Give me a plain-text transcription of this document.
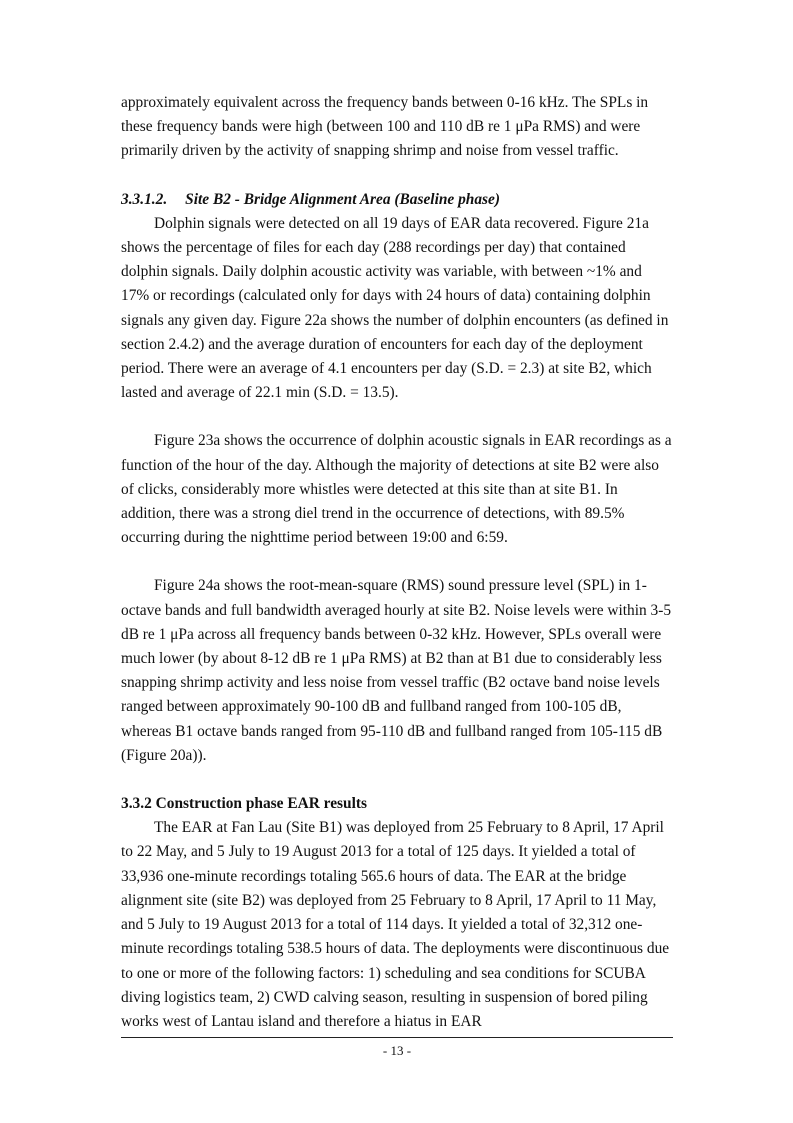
approximately equivalent across the frequency bands between 0-16 kHz. The SPLs in these frequency bands were high (between 100 and 110 dB re 1 μPa RMS) and were primarily driven by the activity of snapping shrimp and noise from vessel traffic.

3.3.1.2. Site B2 - Bridge Alignment Area (Baseline phase)

Dolphin signals were detected on all 19 days of EAR data recovered. Figure 21a shows the percentage of files for each day (288 recordings per day) that contained dolphin signals. Daily dolphin acoustic activity was variable, with between ~1% and 17% or recordings (calculated only for days with 24 hours of data) containing dolphin signals any given day. Figure 22a shows the number of dolphin encounters (as defined in section 2.4.2) and the average duration of encounters for each day of the deployment period. There were an average of 4.1 encounters per day (S.D. = 2.3) at site B2, which lasted and average of 22.1 min (S.D. = 13.5).

Figure 23a shows the occurrence of dolphin acoustic signals in EAR recordings as a function of the hour of the day. Although the majority of detections at site B2 were also of clicks, considerably more whistles were detected at this site than at site B1. In addition, there was a strong diel trend in the occurrence of detections, with 89.5% occurring during the nighttime period between 19:00 and 6:59.

Figure 24a shows the root-mean-square (RMS) sound pressure level (SPL) in 1-octave bands and full bandwidth averaged hourly at site B2. Noise levels were within 3-5 dB re 1 μPa across all frequency bands between 0-32 kHz. However, SPLs overall were much lower (by about 8-12 dB re 1 μPa RMS) at B2 than at B1 due to considerably less snapping shrimp activity and less noise from vessel traffic (B2 octave band noise levels ranged between approximately 90-100 dB and fullband ranged from 100-105 dB, whereas B1 octave bands ranged from 95-110 dB and fullband ranged from 105-115 dB (Figure 20a)).

3.3.2 Construction phase EAR results

The EAR at Fan Lau (Site B1) was deployed from 25 February to 8 April, 17 April to 22 May, and 5 July to 19 August 2013 for a total of 125 days. It yielded a total of 33,936 one-minute recordings totaling 565.6 hours of data. The EAR at the bridge alignment site (site B2) was deployed from 25 February to 8 April, 17 April to 11 May, and 5 July to 19 August 2013 for a total of 114 days. It yielded a total of 32,312 one-minute recordings totaling 538.5 hours of data. The deployments were discontinuous due to one or more of the following factors: 1) scheduling and sea conditions for SCUBA diving logistics team, 2) CWD calving season, resulting in suspension of bored piling works west of Lantau island and therefore a hiatus in EAR

- 13 -
